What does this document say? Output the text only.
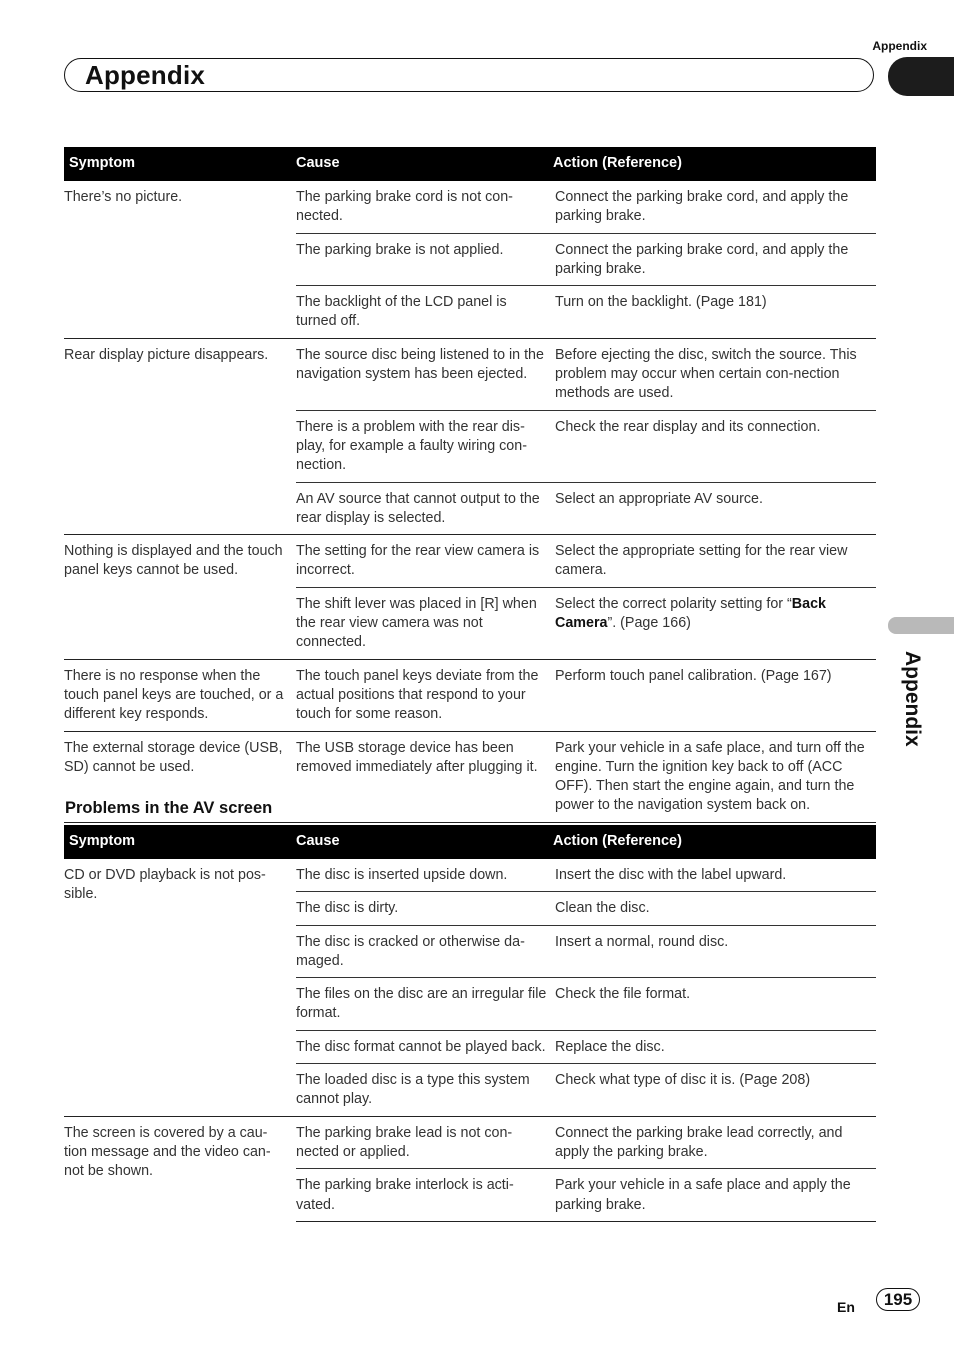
Appendix
Appendix
Appendix
Symptom	Cause	Action (Reference)
There’s no picture.	The parking brake cord is not con-nected.	Connect the parking brake cord, and apply the parking brake.
	The parking brake is not applied.	Connect the parking brake cord, and apply the parking brake.
	The backlight of the LCD panel is turned off.	Turn on the backlight. (Page 181)
Rear display picture disappears.	The source disc being listened to in the navigation system has been ejected.	Before ejecting the disc, switch the source. This problem may occur when certain con-nection methods are used.
	There is a problem with the rear dis-play, for example a faulty wiring con-nection.	Check the rear display and its connection.
	An AV source that cannot output to the rear display is selected.	Select an appropriate AV source.
Nothing is displayed and the touch panel keys cannot be used.	The setting for the rear view camera is incorrect.	Select the appropriate setting for the rear view camera.
	The shift lever was placed in [R] when the rear view camera was not connected.	Select the correct polarity setting for “Back Camera”. (Page 166)
There is no response when the touch panel keys are touched, or a different key responds.	The touch panel keys deviate from the actual positions that respond to your touch for some reason.	Perform touch panel calibration. (Page 167)
The external storage device (USB, SD) cannot be used.	The USB storage device has been removed immediately after plugging it.	Park your vehicle in a safe place, and turn off the engine. Turn the ignition key back to off (ACC OFF). Then start the engine again, and turn the power to the navigation system back on.
Problems in the AV screen
Symptom	Cause	Action (Reference)
CD or DVD playback is not pos-sible.	The disc is inserted upside down.	Insert the disc with the label upward.
	The disc is dirty.	Clean the disc.
	The disc is cracked or otherwise da-maged.	Insert a normal, round disc.
	The files on the disc are an irregular file format.	Check the file format.
	The disc format cannot be played back.	Replace the disc.
	The loaded disc is a type this system cannot play.	Check what type of disc it is. (Page 208)
The screen is covered by a cau-tion message and the video can-not be shown.	The parking brake lead is not con-nected or applied.	Connect the parking brake lead correctly, and apply the parking brake.
	The parking brake interlock is acti-vated.	Park your vehicle in a safe place and apply the parking brake.
En	195
